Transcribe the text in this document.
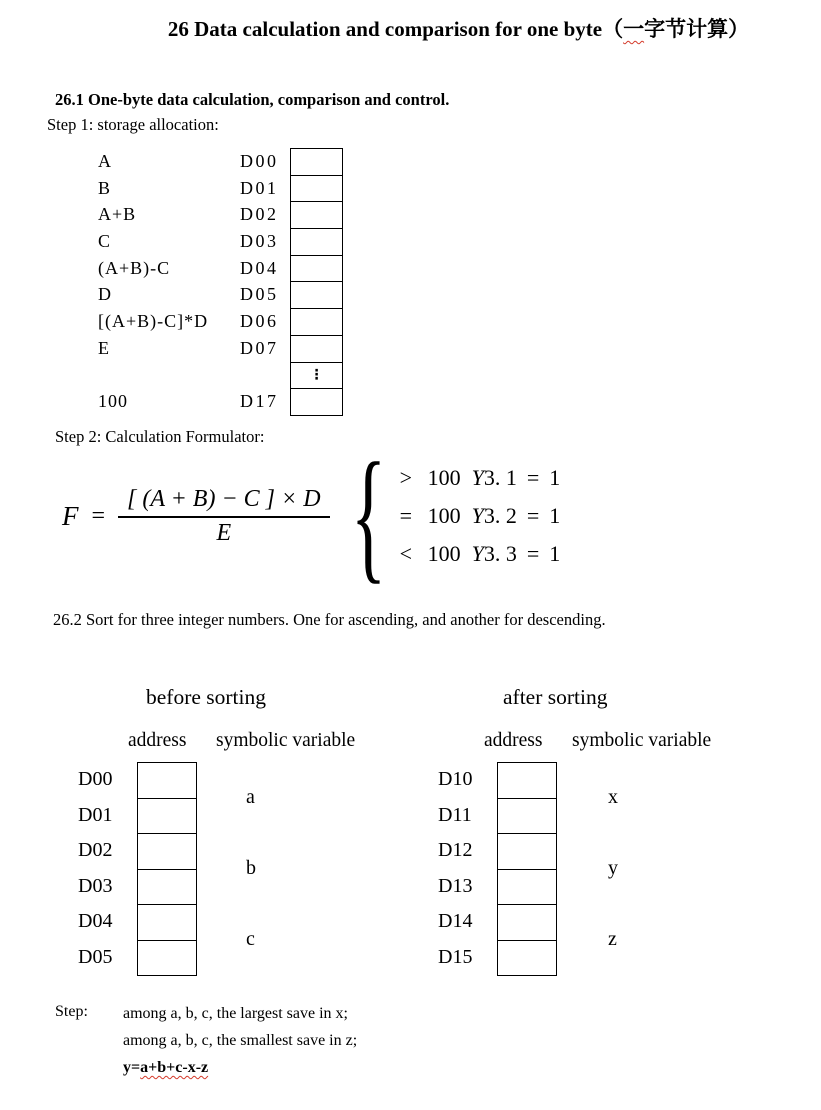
26 Data calculation and comparison for one byte（一字节计算）
26.1 One-byte data calculation, comparison and control.
Step 1: storage allocation:
A
B
A+B
C
(A+B)-C
D
[(A+B)-C]*D
E
100
D00
D01
D02
D03
D04
D05
D06
D07
D17
⋮
Step 2: Calculation Formulator:
$F = \frac{[ (A + B) - C ] \times D}{E}$ { > 100 Y 3. 1 = 1
= 100 Y 3. 2 = 1
< 100 Y 3. 3 = 1
26.2 Sort for three integer numbers. One for ascending, and another for descending.
before sorting
address symbolic variable
D00
D01
D02
D03
D04
D05
a
b
c
after sorting
address symbolic variable
D10
D11
D12
D13
D14
D15
x
y
z
Step: among a, b, c, the largest save in x;
among a, b, c, the smallest save in z;
y=a+b+c-x-z
